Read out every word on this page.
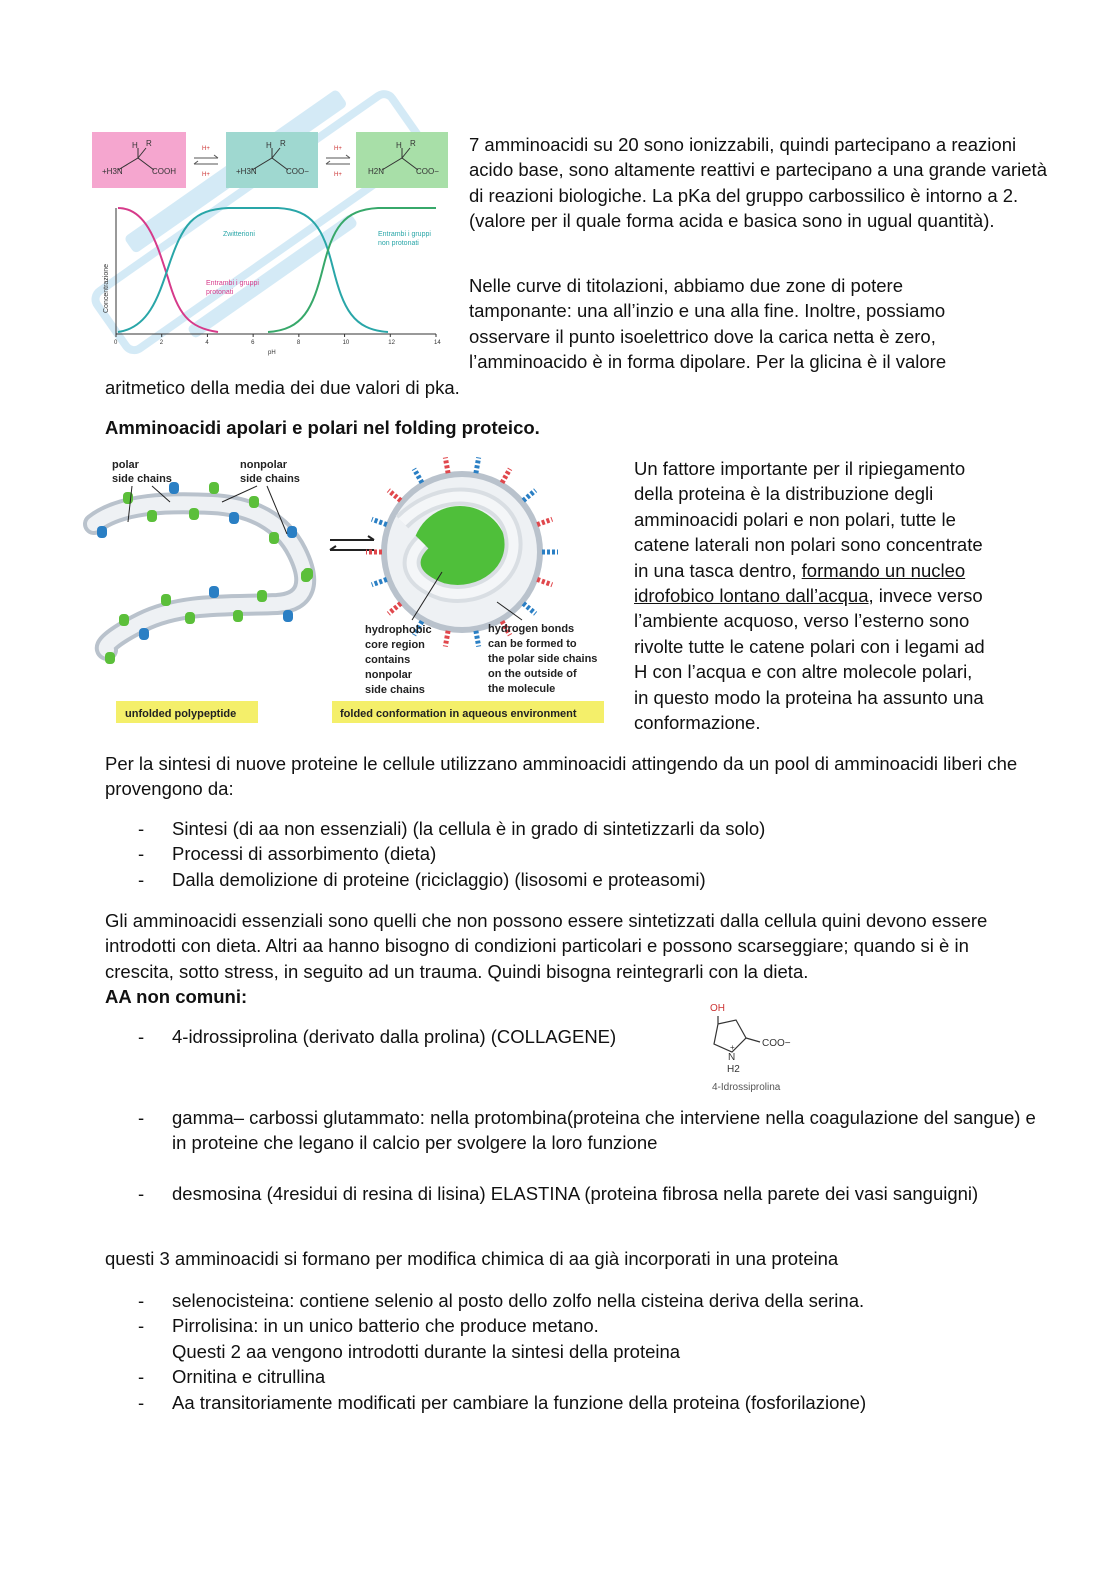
+H3N	COOH
H R
+H3N	COO−
H R
H2N	COO−
H R
H+
H+
H+
H+
Concentrazione
0	2	4	6	8	10	12	14
pH
Zwitterioni
Entrambi i gruppi
protonati
Entrambi i gruppi
non protonati
7 amminoacidi su 20 sono ionizzabili, quindi partecipano a reazioni acido base, sono altamente reattivi e partecipano a una grande varietà di reazioni biologiche. La pKa del gruppo carbossilico è intorno a 2. (valore per il quale forma acida e basica sono in ugual quantità).
Nelle curve di titolazioni, abbiamo due zone di potere
tamponante: una all’inzio e una alla fine. Inoltre, possiamo
osservare il punto isoelettrico dove la carica netta è zero,
l’amminoacido è in forma dipolare. Per la glicina è il valore
aritmetico della media dei due valori di pka.
Amminoacidi apolari e polari nel folding proteico.
polar
side chains
nonpolar
side chains
hydrophobic
core region
contains
nonpolar
side chains
hydrogen bonds
can be formed to
the polar side chains
on the outside of
the molecule
unfolded polypeptide	folded conformation in aqueous environment
Un fattore importante per il ripiegamento
della proteina è la distribuzione degli
amminoacidi polari e non polari, tutte le
catene laterali non polari sono concentrate
in una tasca dentro, formando un nucleo
idrofobico lontano dall’acqua, invece verso
l’ambiente acquoso, verso l’esterno sono
rivolte tutte le catene polari con i legami ad
H con l’acqua e con altre molecole polari,
in questo modo la proteina ha assunto una
conformazione.
Per la sintesi di nuove proteine le cellule utilizzano amminoacidi attingendo da un pool di amminoacidi liberi che provengono da:
- Sintesi (di aa non essenziali) (la cellula è in grado di sintetizzarli da solo)
- Processi di assorbimento (dieta)
- Dalla demolizione di proteine (riciclaggio) (lisosomi e proteasomi)
Gli amminoacidi essenziali sono quelli che non possono essere sintetizzati dalla cellula quini devono essere introdotti con dieta. Altri aa hanno bisogno di condizioni particolari e possono scarseggiare; quando si è in crescita, sotto stress, in seguito ad un trauma. Quindi bisogna reintegrarli con la dieta.
AA non comuni:
- 4-idrossiprolina (derivato dalla prolina) (COLLAGENE)
OH
COO−
N
+
H2
4-Idrossiprolina
- gamma– carbossi glutammato: nella protombina(proteina che interviene nella coagulazione del sangue) e in proteine che legano il calcio per svolgere la loro funzione
- desmosina (4residui di resina di lisina) ELASTINA (proteina fibrosa nella parete dei vasi sanguigni)
questi 3 amminoacidi si formano per modifica chimica di aa già incorporati in una proteina
- selenocisteina: contiene selenio al posto dello zolfo nella cisteina deriva della serina.
- Pirrolisina: in un unico batterio che produce metano.
Questi 2 aa vengono introdotti durante la sintesi della proteina
- Ornitina e citrullina
- Aa transitoriamente modificati per cambiare la funzione della proteina (fosforilazione)
